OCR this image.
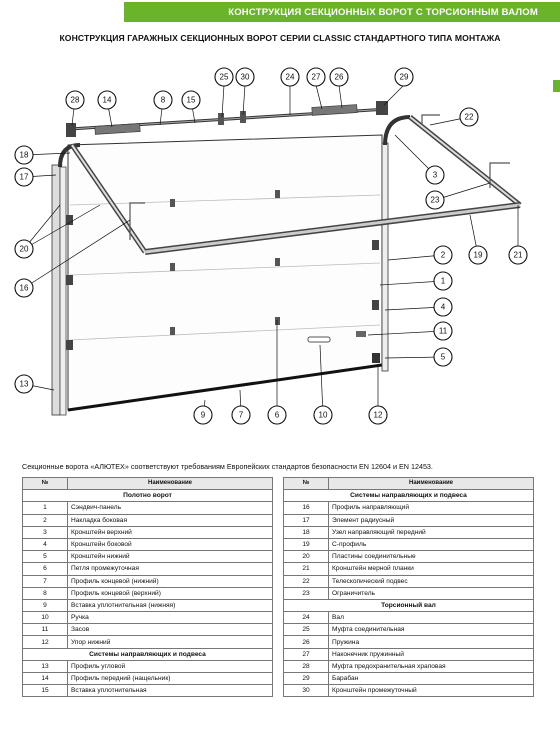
КОНСТРУКЦИЯ СЕКЦИОННЫХ ВОРОТ С ТОРСИОННЫМ ВАЛОМ
КОНСТРУКЦИЯ ГАРАЖНЫХ СЕКЦИОННЫХ ВОРОТ СЕРИИ CLASSIC СТАНДАРТНОГО ТИПА МОНТАЖА
1
2
3
4
5
6
7
8
9	10
11
12
13
14	15
16
17
18
19
20
21
22
23
24
25	26
27
28
29
30
Секционные ворота «АЛЮТЕХ» соответствуют требованиям Европейских стандартов безопасности EN 12604 и EN 12453.
№	Наименование
Полотно ворот	
1	Сэндвич-панель
2	Накладка боковая
3	Кронштейн верхний
4	Кронштейн боковой
5	Кронштейн нижний
6	Петля промежуточная
7	Профиль концевой (нижний)
8	Профиль концевой (верхний)
9	Вставка уплотнительная (нижняя)
10	Ручка
11	Засов
12	Упор нижний
Системы направляющих и подвеса	
13	Профиль угловой
14	Профиль передний (нащельник)
15	Вставка уплотнительная
№	Наименование
Системы направляющих и подвеса	
16	Профиль направляющий
17	Элемент радиусный
18	Узел направляющий передний
19	С-профиль
20	Пластины соединительные
21	Кронштейн мерной планки
22	Телескопический подвес
23	Ограничитель
Торсионный вал	
24	Вал
25	Муфта соединительная
26	Пружина
27	Наконечник пружинный
28	Муфта предохранительная храповая
29	Барабан
30	Кронштейн промежуточный
